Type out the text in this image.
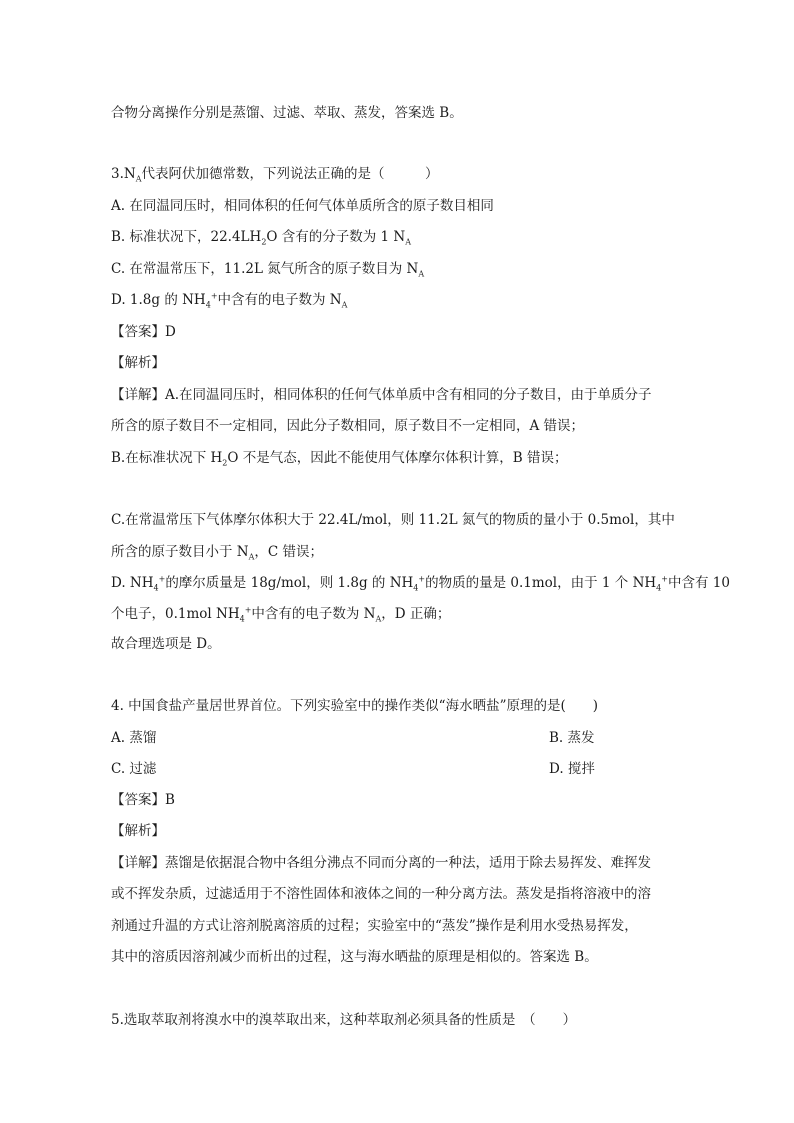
合物分离操作分别是蒸馏、过滤、萃取、蒸发，答案选 B。
$3.N_A$代表阿伏加德常数，下列说法正确的是（　　　）
A. 在同温同压时，相同体积的任何气体单质所含的原子数目相同
B. 标准状况下，$22.4LH_2O$ 含有的分子数为 1 $N_A$
C. 在常温常压下，11.2L 氮气所含的原子数目为 $N_A$
D. 1.8g 的 $NH_4^+$中含有的电子数为 $N_A$
【答案】D
【解析】
【详解】A.在同温同压时，相同体积的任何气体单质中含有相同的分子数目，由于单质分子
所含的原子数目不一定相同，因此分子数相同，原子数目不一定相同，A 错误；
B.在标准状况下 $H_2O$ 不是气态，因此不能使用气体摩尔体积计算，B 错误；
C.在常温常压下气体摩尔体积大于 22.4L/mol，则 11.2L 氮气的物质的量小于 0.5mol，其中
所含的原子数目小于 $N_A$，C 错误；
D. $NH_4^+$的摩尔质量是 18g/mol，则 1.8g 的 $NH_4^+$的物质的量是 0.1mol，由于 1 个 $NH_4^+$中含有 10
个电子，0.1mol $NH_4^+$中含有的电子数为 $N_A$，D 正确；
故合理选项是 D。
4. 中国食盐产量居世界首位。下列实验室中的操作类似“海水晒盐”原理的是(　　)
A. 蒸馏	B. 蒸发
C. 过滤	D. 搅拌
【答案】B
【解析】
【详解】蒸馏是依据混合物中各组分沸点不同而分离的一种法，适用于除去易挥发、难挥发
或不挥发杂质，过滤适用于不溶性固体和液体之间的一种分离方法。蒸发是指将溶液中的溶
剂通过升温的方式让溶剂脱离溶质的过程；实验室中的“蒸发”操作是利用水受热易挥发，
其中的溶质因溶剂减少而析出的过程，这与海水晒盐的原理是相似的。答案选 B。
5.选取萃取剂将溴水中的溴萃取出来，这种萃取剂必须具备的性质是　（　　）
